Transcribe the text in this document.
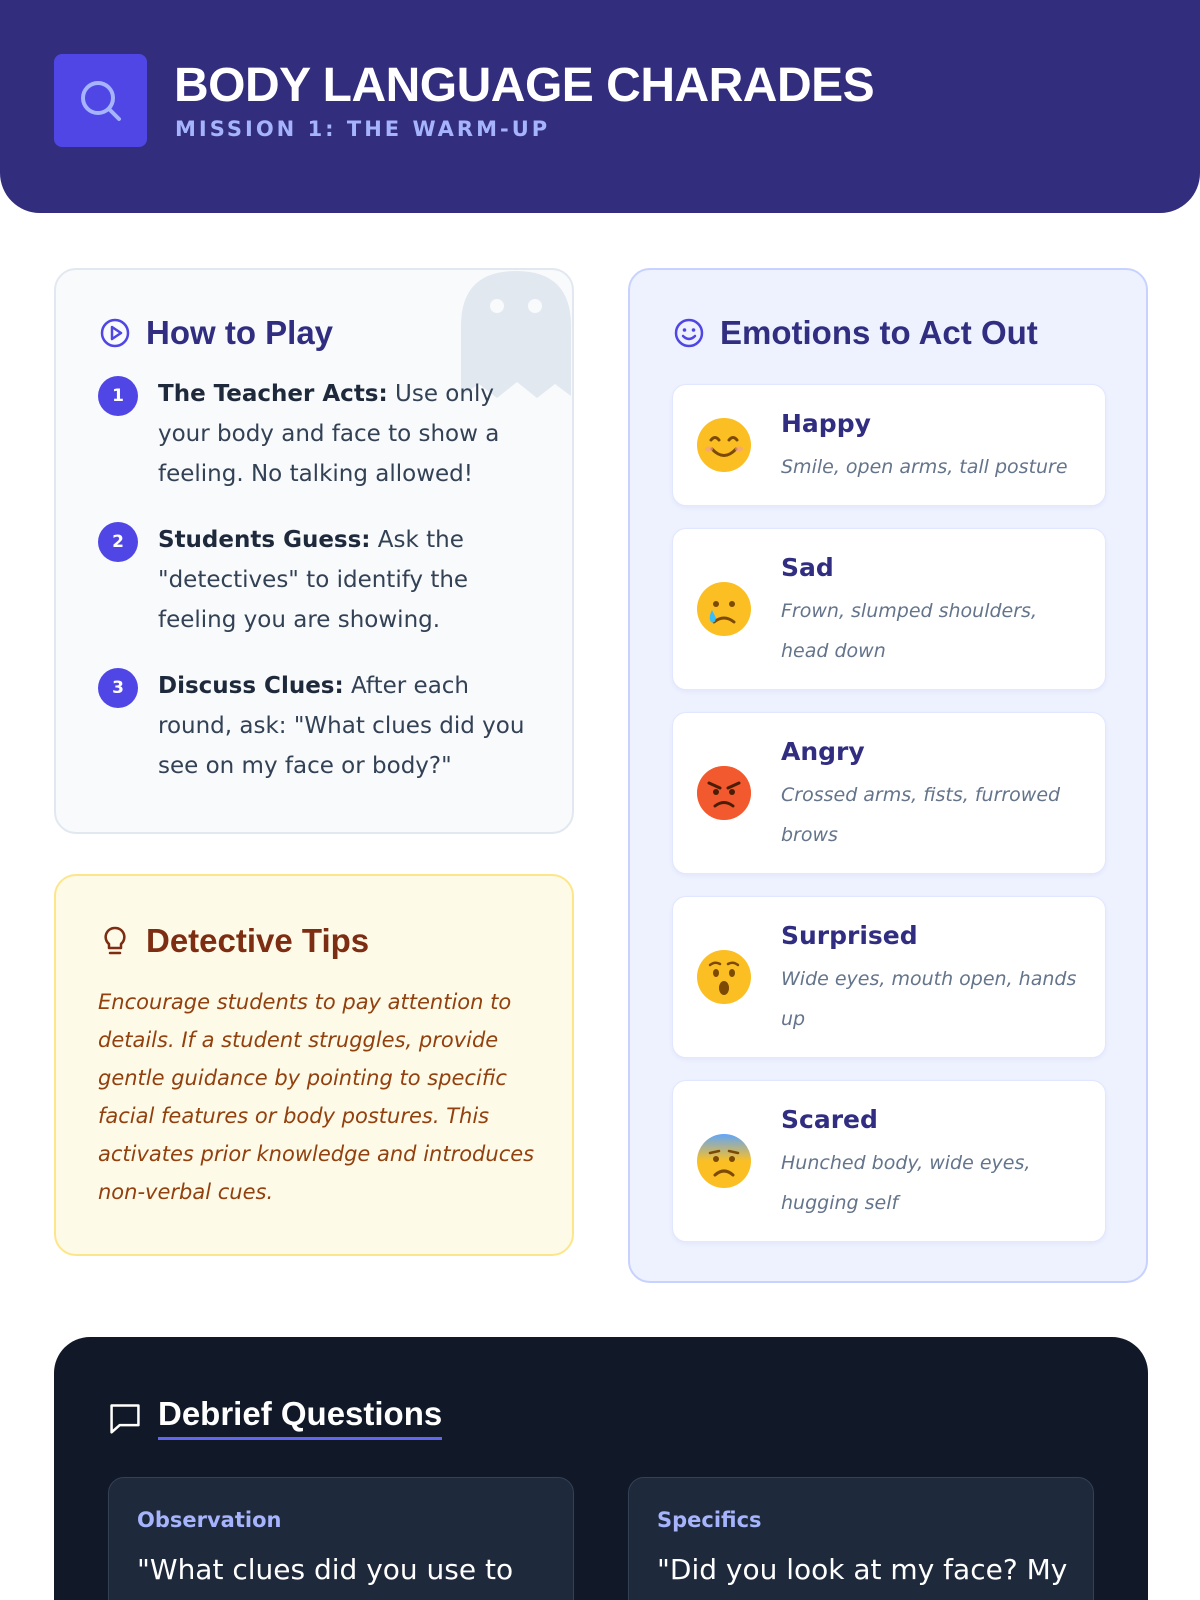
BODY LANGUAGE CHARADES
MISSION 1: THE WARM-UP
How to Play
1	The Teacher Acts: Use only your body and face to show a feeling. No talking allowed!
2	Students Guess: Ask the "detectives" to identify the feeling you are showing.
3	Discuss Clues: After each round, ask: "What clues did you see on my face or body?"
Detective Tips
Encourage students to pay attention to details. If a student struggles, provide gentle guidance by pointing to specific facial features or body postures. This activates prior knowledge and introduces non-verbal cues.
Emotions to Act Out
Happy
Smile, open arms, tall posture
Sad
Frown, slumped shoulders, head down
Angry
Crossed arms, fists, furrowed brows
Surprised
Wide eyes, mouth open, hands up
Scared
Hunched body, wide eyes, hugging self
Debrief Questions
Observation
"What clues did you use to
Specifics
"Did you look at my face? My
